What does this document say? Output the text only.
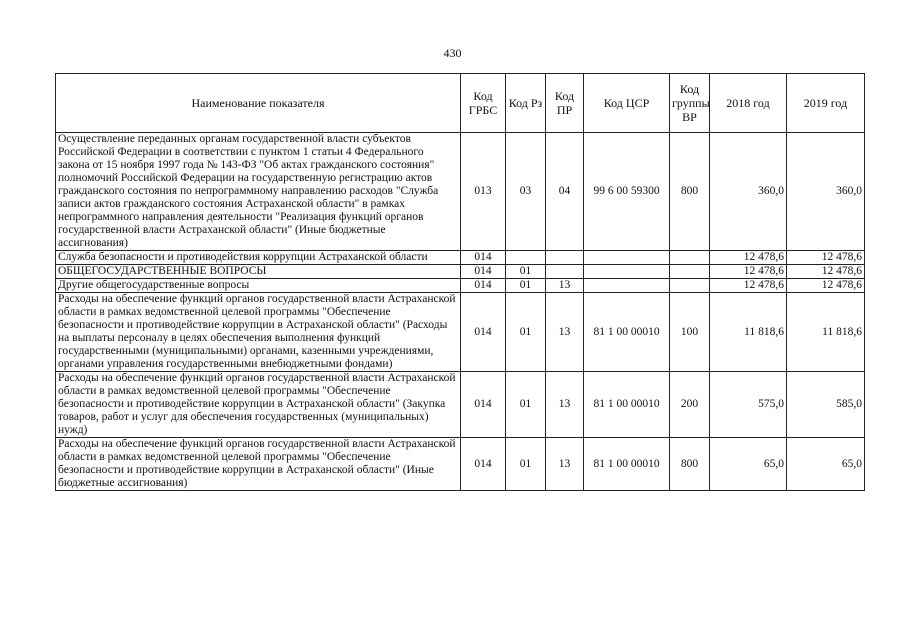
430
Наименование показателя	Код ГРБС	Код Рз	Код ПР	Код ЦСР	Код группы ВР	2018 год	2019 год
Осуществление переданных органам государственной власти субъектов Российской Федерации в соответствии с пунктом 1 статьи 4 Федерального закона от 15 ноября 1997 года № 143-ФЗ "Об актах гражданского состояния" полномочий Российской Федерации на государственную регистрацию актов гражданского состояния по непрограммному направлению расходов "Служба записи актов гражданского состояния Астраханской области" в рамках непрограммного направления деятельности "Реализация функций органов государственной власти Астраханской области" (Иные бюджетные ассигнования)	013	03	04	99 6 00 59300	800	360,0	360,0
Служба безопасности и противодействия коррупции Астраханской области	014					12 478,6	12 478,6
ОБЩЕГОСУДАРСТВЕННЫЕ ВОПРОСЫ	014	01				12 478,6	12 478,6
Другие общегосударственные вопросы	014	01	13			12 478,6	12 478,6
Расходы на обеспечение функций органов государственной власти Астраханской области в рамках ведомственной целевой программы "Обеспечение безопасности и противодействие коррупции в Астраханской области" (Расходы на выплаты персоналу в целях обеспечения выполнения функций государственными (муниципальными) органами, казенными учреждениями, органами управления государственными внебюджетными фондами)	014	01	13	81 1 00 00010	100	11 818,6	11 818,6
Расходы на обеспечение функций органов государственной власти Астраханской области в рамках ведомственной целевой программы "Обеспечение безопасности и противодействие коррупции в Астраханской области" (Закупка товаров, работ и услуг для обеспечения государственных (муниципальных) нужд)	014	01	13	81 1 00 00010	200	575,0	585,0
Расходы на обеспечение функций органов государственной власти Астраханской области в рамках ведомственной целевой программы "Обеспечение безопасности и противодействие коррупции в Астраханской области" (Иные бюджетные ассигнования)	014	01	13	81 1 00 00010	800	65,0	65,0
